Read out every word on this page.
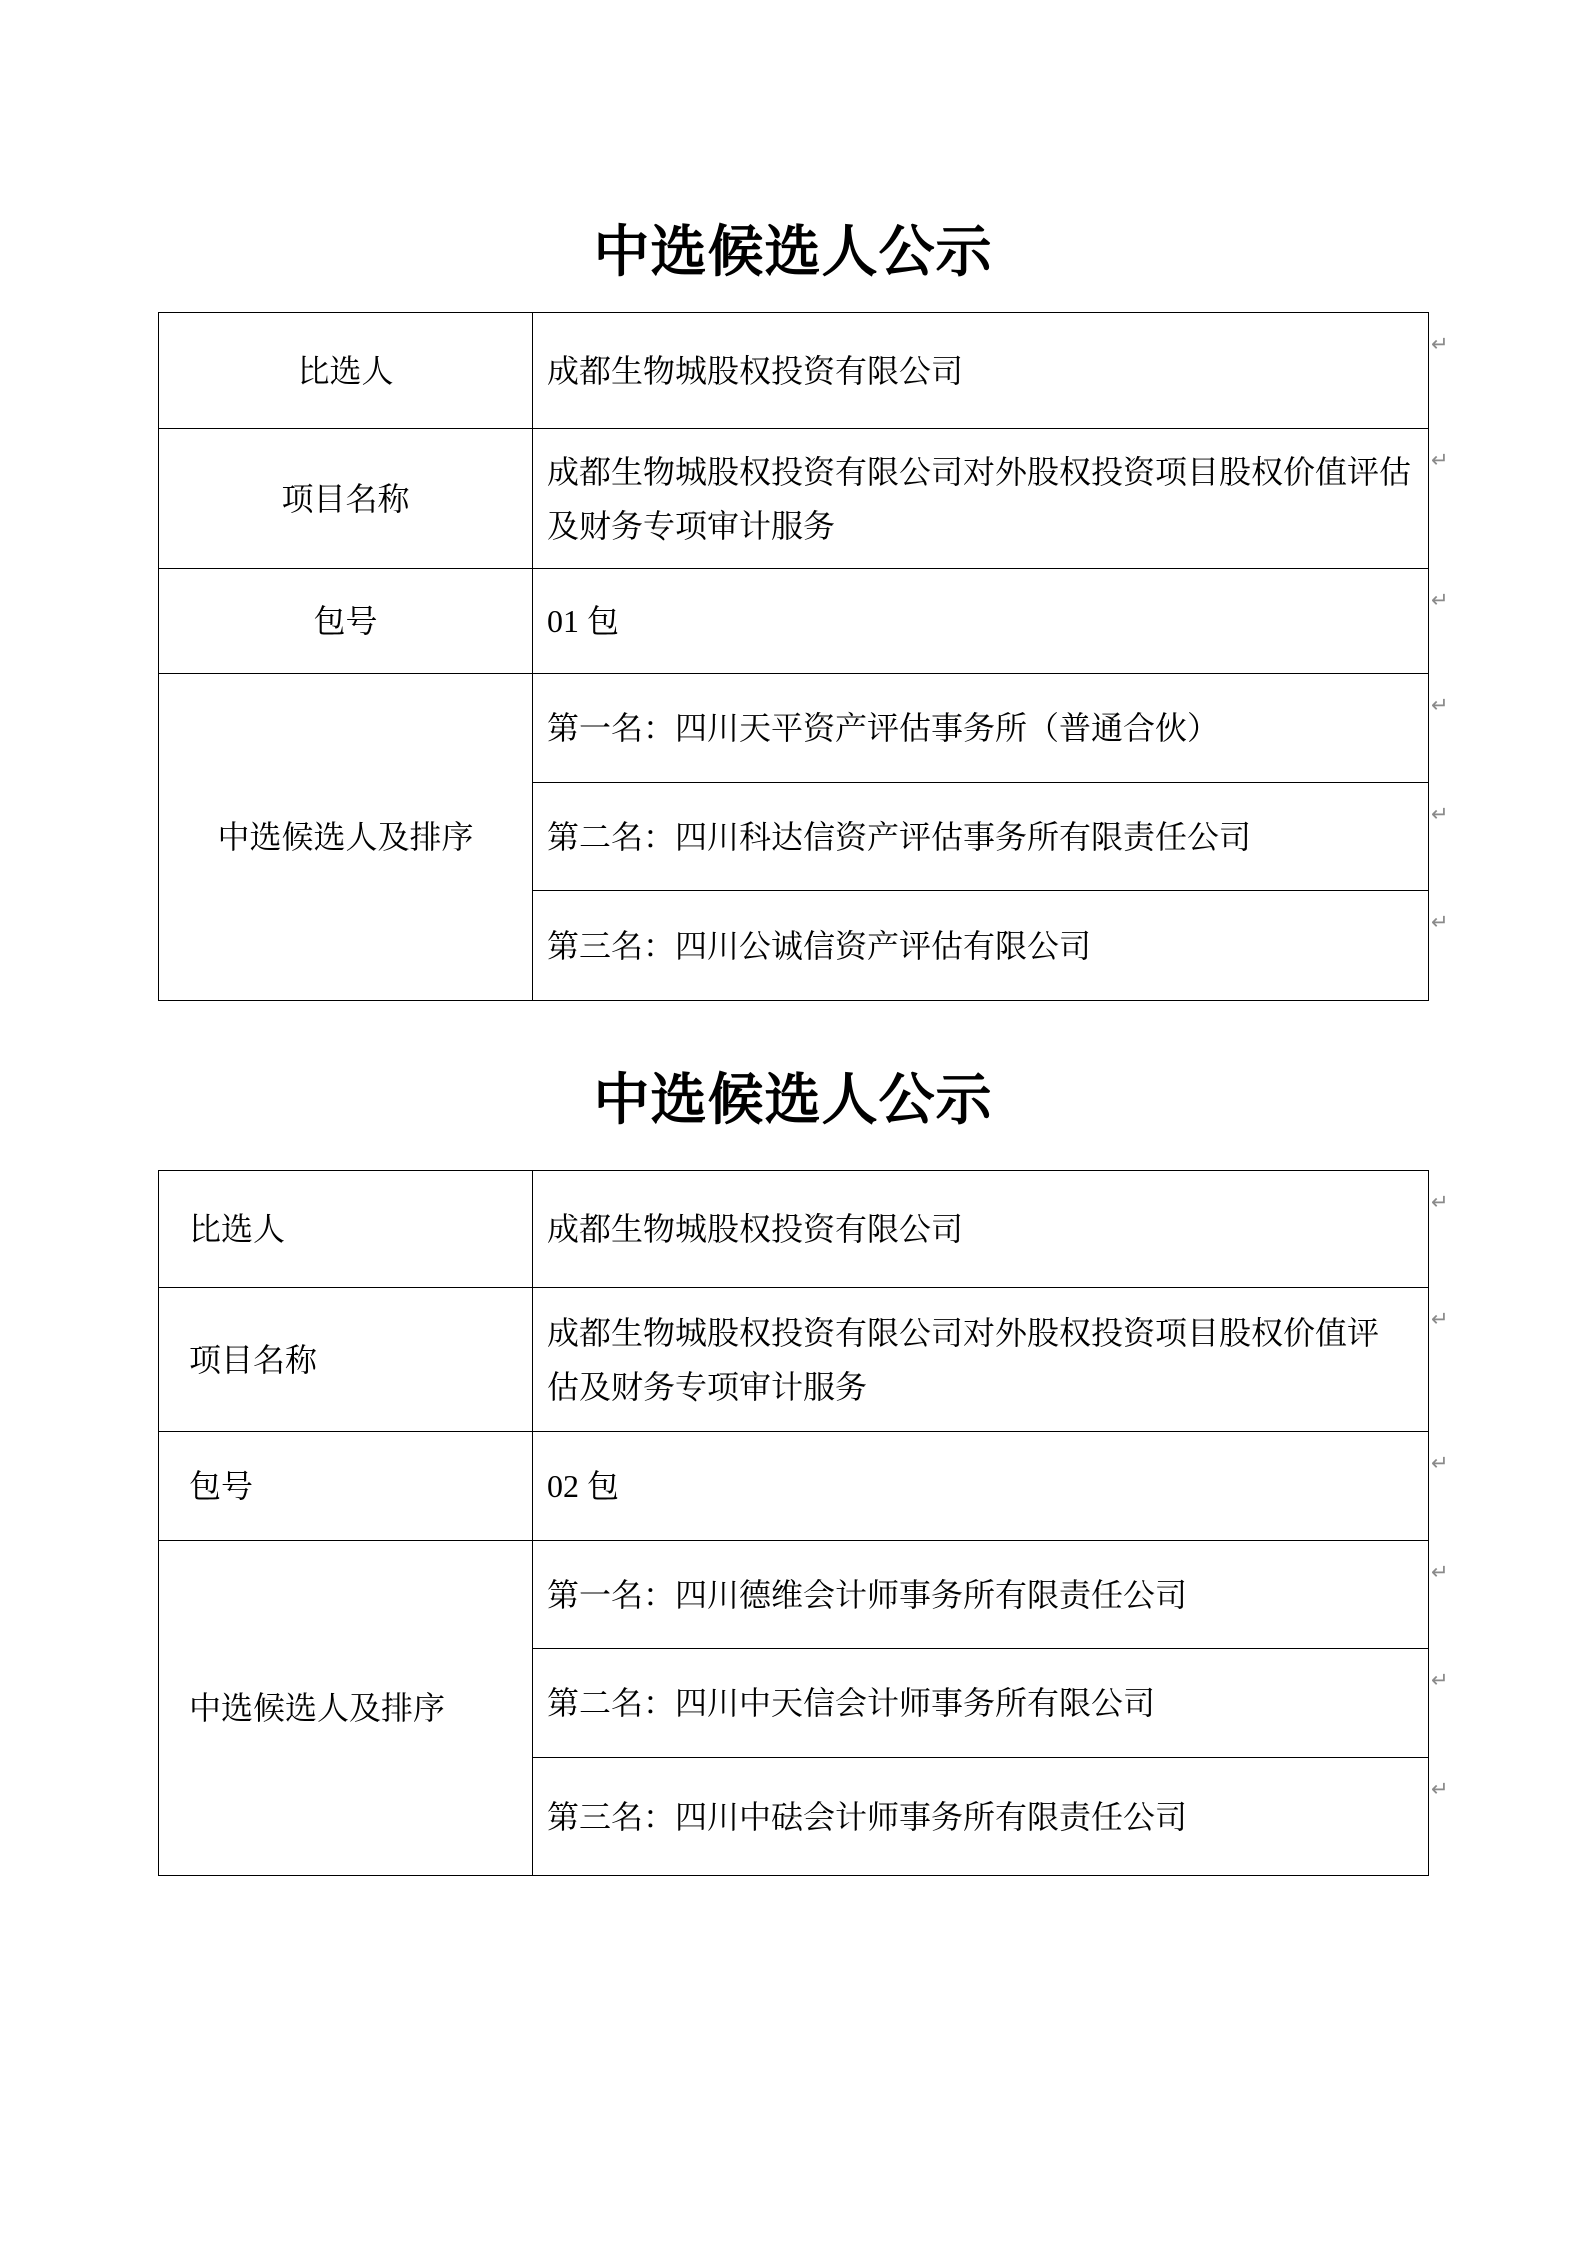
中选候选人公示
比选人	成都生物城股权投资有限公司
项目名称	成都生物城股权投资有限公司对外股权投资项目股权价值评估及财务专项审计服务
包号	01 包
中选候选人及排序	第一名：四川天平资产评估事务所（普通合伙）
	第二名：四川科达信资产评估事务所有限责任公司
	第三名：四川公诚信资产评估有限公司
中选候选人公示
比选人	成都生物城股权投资有限公司
项目名称	成都生物城股权投资有限公司对外股权投资项目股权价值评估及财务专项审计服务
包号	02 包
中选候选人及排序	第一名：四川德维会计师事务所有限责任公司
	第二名：四川中天信会计师事务所有限公司
	第三名：四川中砝会计师事务所有限责任公司
↵
↵
↵
↵
↵
↵
↵
↵
↵
↵
↵
↵
